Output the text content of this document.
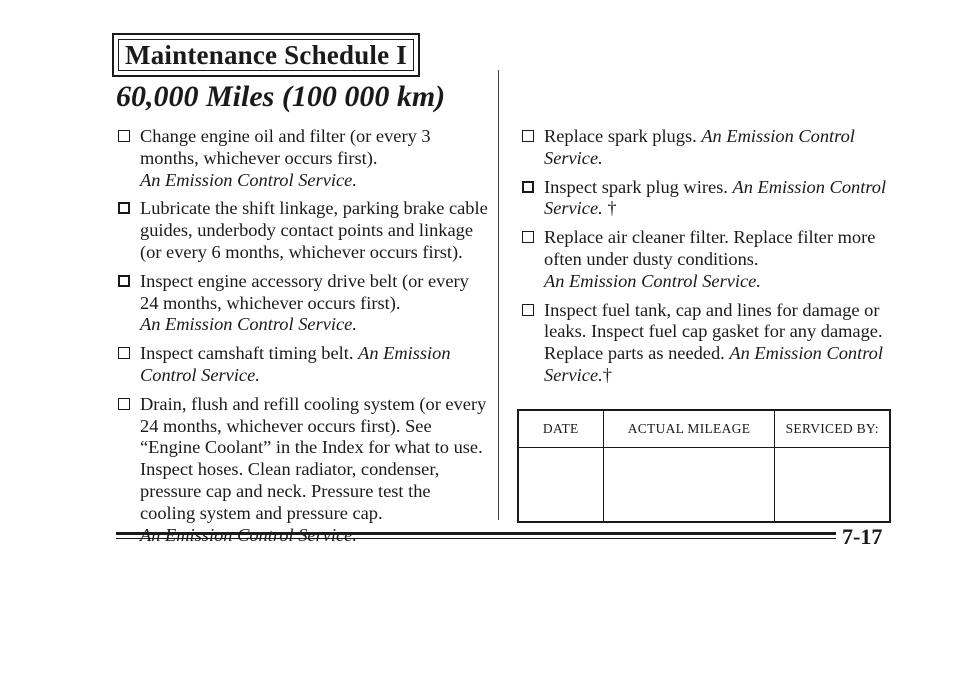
Maintenance Schedule I
60,000 Miles (100 000 km)
Change engine oil and filter (or every 3 months, whichever occurs first).
An Emission Control Service.
Lubricate the shift linkage, parking brake cable guides, underbody contact points and linkage (or every 6 months, whichever occurs first).
Inspect engine accessory drive belt (or every 24 months, whichever occurs first).
An Emission Control Service.
Inspect camshaft timing belt. An Emission Control Service.
Drain, flush and refill cooling system (or every 24 months, whichever occurs first). See “Engine Coolant” in the Index for what to use. Inspect hoses. Clean radiator, condenser, pressure cap and neck. Pressure test the cooling system and pressure cap.

Replace spark plugs. An Emission Control Service.
Inspect spark plug wires. An Emission Control Service. †
Replace air cleaner filter. Replace filter more often under dusty conditions.
An Emission Control Service.
Inspect fuel tank, cap and lines for damage or leaks. Inspect fuel cap gasket for any damage. Replace parts as needed. An Emission Control Service.†
DATE	ACTUAL MILEAGE	SERVICED BY:

7-17
